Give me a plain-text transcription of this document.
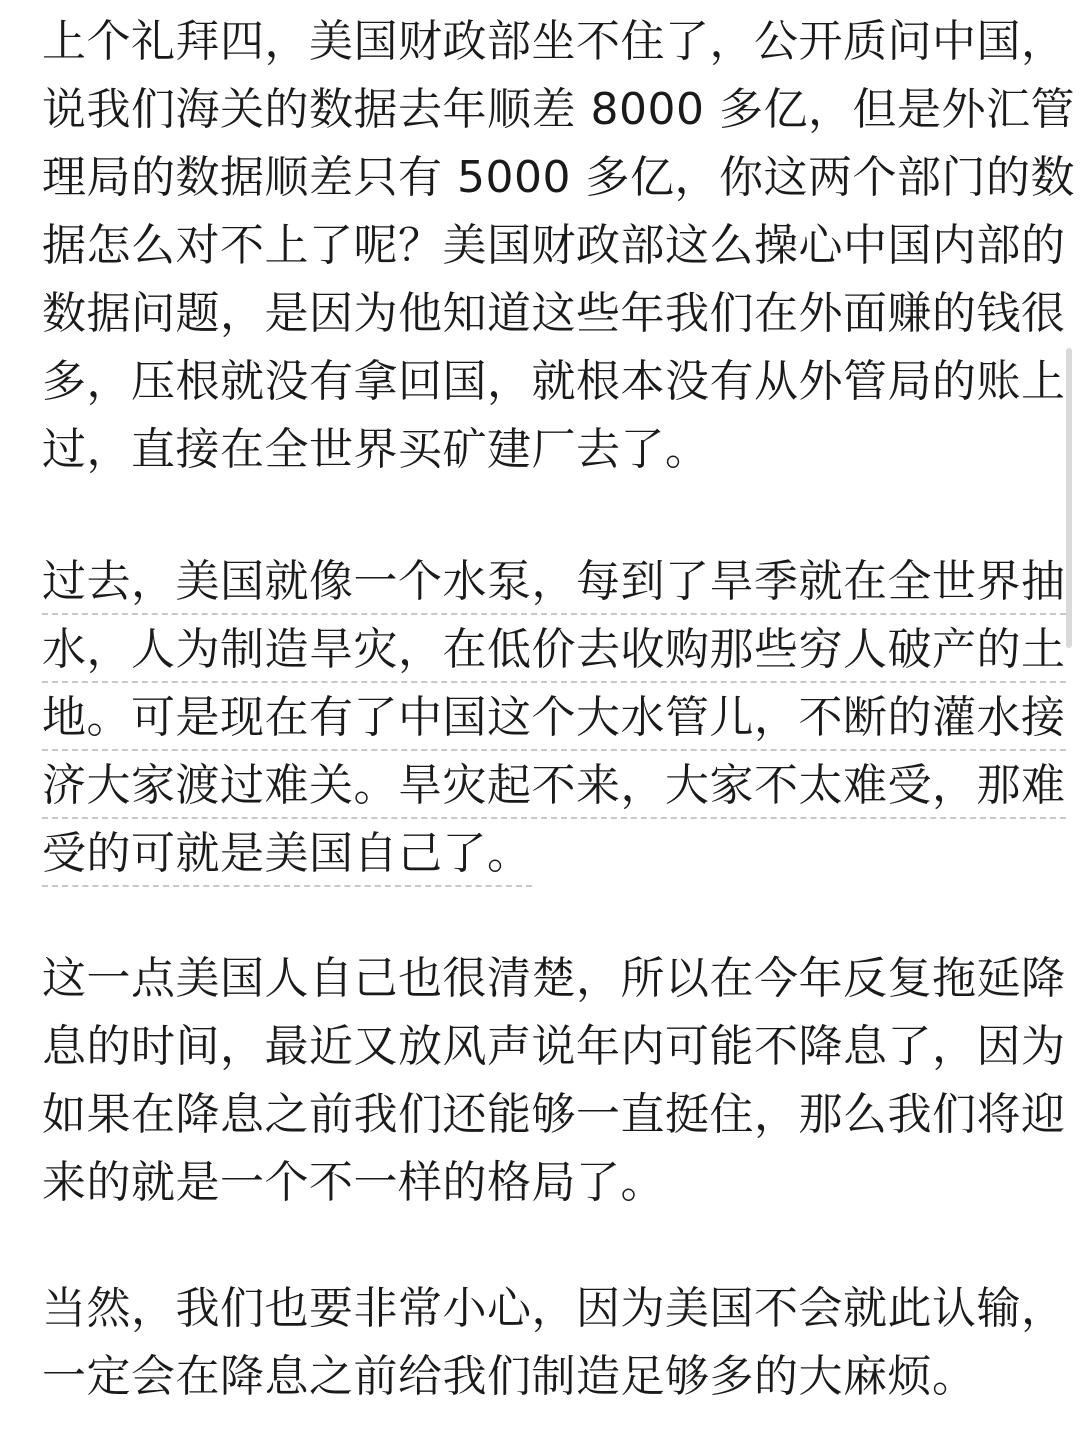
上个礼拜四，美国财政部坐不住了，公开质问中国，
说我们海关的数据去年顺差 8000 多亿，但是外汇管
理局的数据顺差只有 5000 多亿，你这两个部门的数
据怎么对不上了呢？美国财政部这么操心中国内部的
数据问题，是因为他知道这些年我们在外面赚的钱很
多，压根就没有拿回国，就根本没有从外管局的账上
过，直接在全世界买矿建厂去了。
过去，美国就像一个水泵，每到了旱季就在全世界抽
水，人为制造旱灾，在低价去收购那些穷人破产的土
地。可是现在有了中国这个大水管儿，不断的灌水接
济大家渡过难关。旱灾起不来，大家不太难受，那难
受的可就是美国自己了。
这一点美国人自己也很清楚，所以在今年反复拖延降
息的时间，最近又放风声说年内可能不降息了，因为
如果在降息之前我们还能够一直挺住，那么我们将迎
来的就是一个不一样的格局了。
当然，我们也要非常小心，因为美国不会就此认输，
一定会在降息之前给我们制造足够多的大麻烦。
